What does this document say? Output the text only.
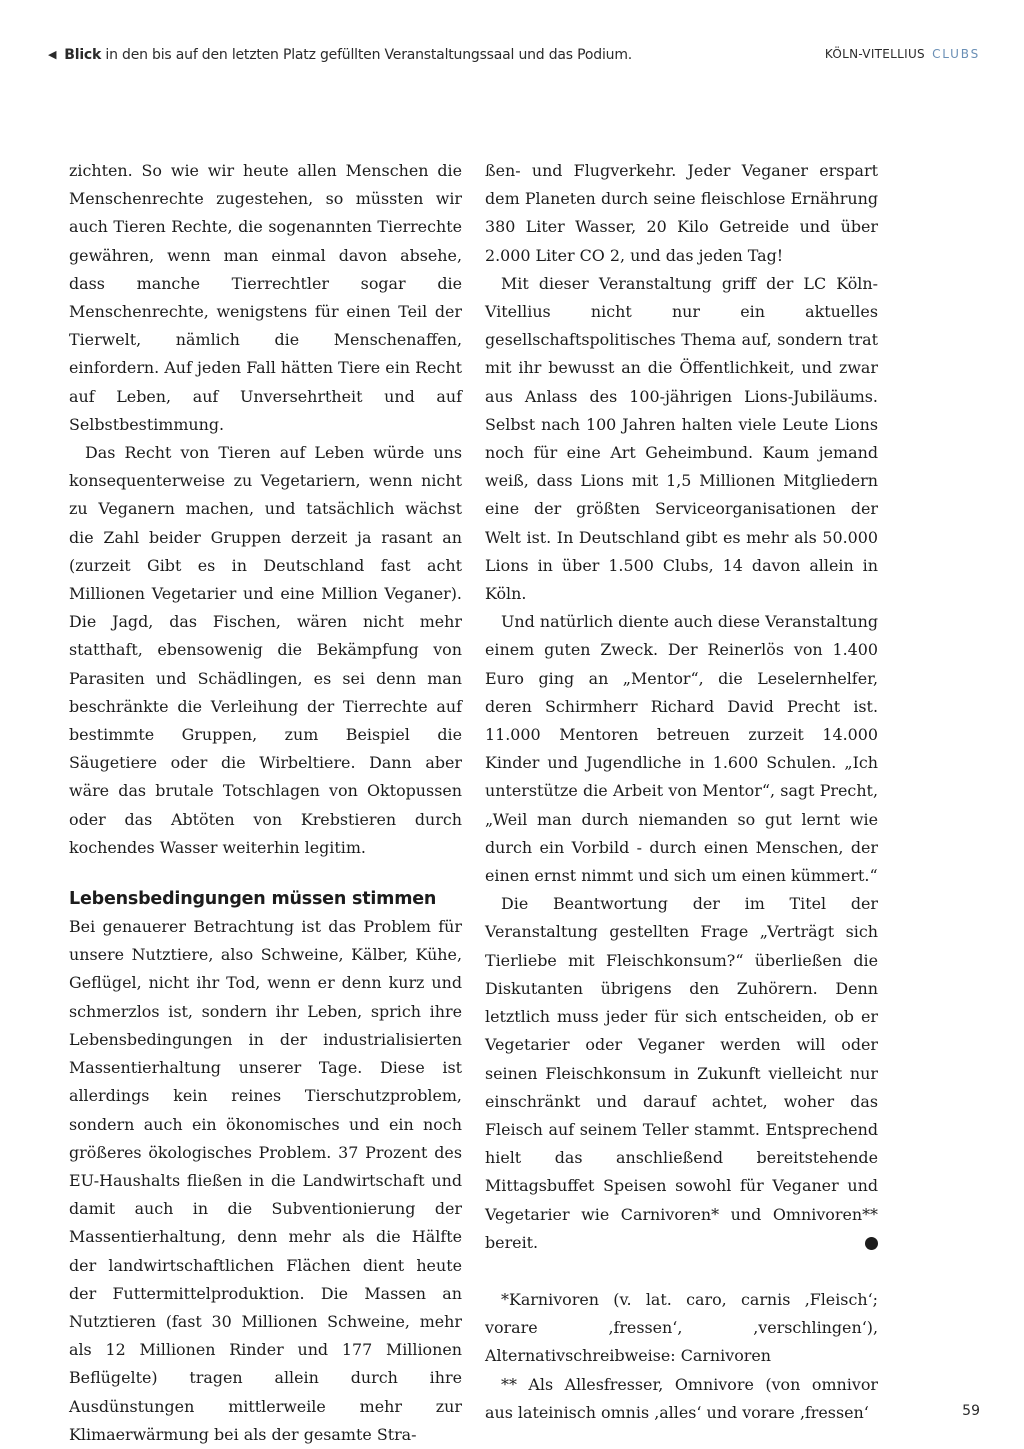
◀ Blick in den bis auf den letzten Platz gefüllten Veranstaltungssaal und das Podium.	KÖLN-VITELLIUS CLUBS

zichten. So wie wir heute allen Menschen die Menschenrechte zugestehen, so müssten wir auch Tieren Rechte, die sogenannten Tierrechte gewähren, wenn man einmal davon absehe, dass manche Tierrechtler sogar die Menschenrechte, wenigstens für einen Teil der Tierwelt, nämlich die Menschenaffen, einfordern. Auf jeden Fall hätten Tiere ein Recht auf Leben, auf Unversehrtheit und auf Selbstbestimmung.

Das Recht von Tieren auf Leben würde uns konsequenterweise zu Vegetariern, wenn nicht zu Veganern machen, und tatsächlich wächst die Zahl beider Gruppen derzeit ja rasant an (zurzeit Gibt es in Deutschland fast acht Millionen Vegetarier und eine Million Veganer). Die Jagd, das Fischen, wären nicht mehr statthaft, ebensowenig die Bekämpfung von Parasiten und Schädlingen, es sei denn man beschränkte die Verleihung der Tierrechte auf bestimmte Gruppen, zum Beispiel die Säugetiere oder die Wirbeltiere. Dann aber wäre das brutale Totschlagen von Oktopussen oder das Abtöten von Krebstieren durch kochendes Wasser weiterhin legitim.

Lebensbedingungen müssen stimmen

Bei genauerer Betrachtung ist das Problem für unsere Nutztiere, also Schweine, Kälber, Kühe, Geflügel, nicht ihr Tod, wenn er denn kurz und schmerzlos ist, sondern ihr Leben, sprich ihre Lebensbedingungen in der industrialisierten Massentierhaltung unserer Tage. Diese ist allerdings kein reines Tierschutzproblem, sondern auch ein ökonomisches und ein noch größeres ökologisches Problem. 37 Prozent des EU-Haushalts fließen in die Landwirtschaft und damit auch in die Subventionierung der Massentierhaltung, denn mehr als die Hälfte der landwirtschaftlichen Flächen dient heute der Futtermittelproduktion. Die Massen an Nutztieren (fast 30 Millionen Schweine, mehr als 12 Millionen Rinder und 177 Millionen Beflügelte) tragen allein durch ihre Ausdünstungen mittlerweile mehr zur Klimaerwärmung bei als der gesamte Stra-

ßen- und Flugverkehr. Jeder Veganer erspart dem Planeten durch seine fleischlose Ernährung 380 Liter Wasser, 20 Kilo Getreide und über 2.000 Liter CO 2, und das jeden Tag!

Mit dieser Veranstaltung griff der LC Köln-Vitellius nicht nur ein aktuelles gesellschaftspolitisches Thema auf, sondern trat mit ihr bewusst an die Öffentlichkeit, und zwar aus Anlass des 100-jährigen Lions-Jubiläums. Selbst nach 100 Jahren halten viele Leute Lions noch für eine Art Geheimbund. Kaum jemand weiß, dass Lions mit 1,5 Millionen Mitgliedern eine der größten Serviceorganisationen der Welt ist. In Deutschland gibt es mehr als 50.000 Lions in über 1.500 Clubs, 14 davon allein in Köln.

Und natürlich diente auch diese Veranstaltung einem guten Zweck. Der Reinerlös von 1.400 Euro ging an „Mentor“, die Leselernhelfer, deren Schirmherr Richard David Precht ist. 11.000 Mentoren betreuen zurzeit 14.000 Kinder und Jugendliche in 1.600 Schulen. „Ich unterstütze die Arbeit von Mentor“, sagt Precht, „Weil man durch niemanden so gut lernt wie durch ein Vorbild - durch einen Menschen, der einen ernst nimmt und sich um einen kümmert.“

Die Beantwortung der im Titel der Veranstaltung gestellten Frage „Verträgt sich Tierliebe mit Fleischkonsum?“ überließen die Diskutanten übrigens den Zuhörern. Denn letztlich muss jeder für sich entscheiden, ob er Vegetarier oder Veganer werden will oder seinen Fleischkonsum in Zukunft vielleicht nur einschränkt und darauf achtet, woher das Fleisch auf seinem Teller stammt. Entsprechend hielt das anschließend bereitstehende Mittagsbuffet Speisen sowohl für Veganer und Vegetarier wie Carnivoren* und Omnivoren** bereit.	L

*Karnivoren (v. lat. caro, carnis ‚Fleisch‘; vorare ‚fressen‘, ‚verschlingen‘), Alternativschreibweise: Carnivoren

** Als Allesfresser, Omnivore (von omnivor aus lateinisch omnis ‚alles‘ und vorare ‚fressen‘	59
